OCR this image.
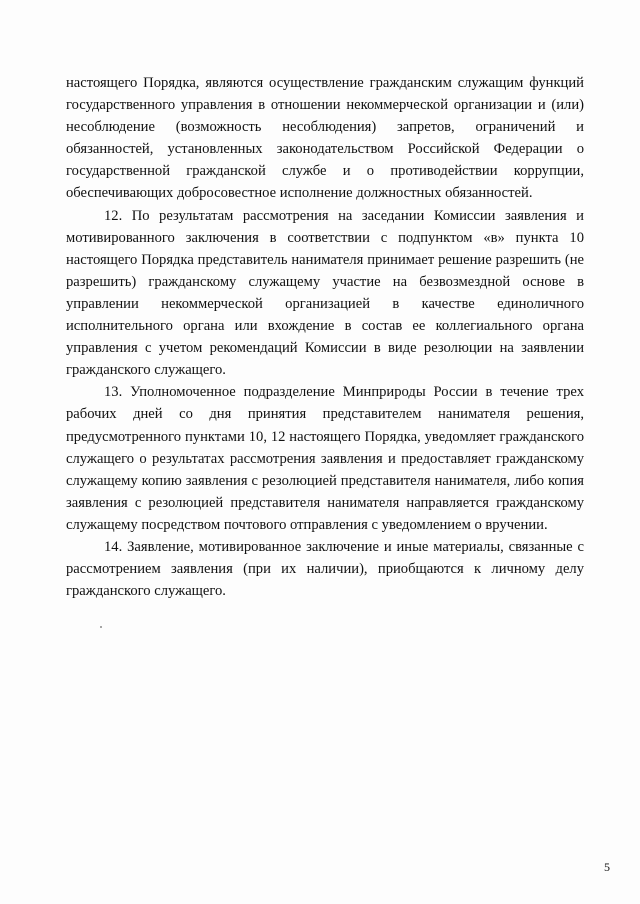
настоящего Порядка, являются осуществление гражданским служащим функций государственного управления в отношении некоммерческой организации и (или) несоблюдение (возможность несоблюдения) запретов, ограничений и обязанностей, установленных законодательством Российской Федерации о государственной гражданской службе и о противодействии коррупции, обеспечивающих добросовестное исполнение должностных обязанностей.

12. По результатам рассмотрения на заседании Комиссии заявления и мотивированного заключения в соответствии с подпунктом «в» пункта 10 настоящего Порядка представитель нанимателя принимает решение разрешить (не разрешить) гражданскому служащему участие на безвозмездной основе в управлении некоммерческой организацией в качестве единоличного исполнительного органа или вхождение в состав ее коллегиального органа управления с учетом рекомендаций Комиссии в виде резолюции на заявлении гражданского служащего.

13. Уполномоченное подразделение Минприроды России в течение трех рабочих дней со дня принятия представителем нанимателя решения, предусмотренного пунктами 10, 12 настоящего Порядка, уведомляет гражданского служащего о результатах рассмотрения заявления и предоставляет гражданскому служащему копию заявления с резолюцией представителя нанимателя, либо копия заявления с резолюцией представителя нанимателя направляется гражданскому служащему посредством почтового отправления с уведомлением о вручении.

14. Заявление, мотивированное заключение и иные материалы, связанные с рассмотрением заявления (при их наличии), приобщаются к личному делу гражданского служащего.

5
